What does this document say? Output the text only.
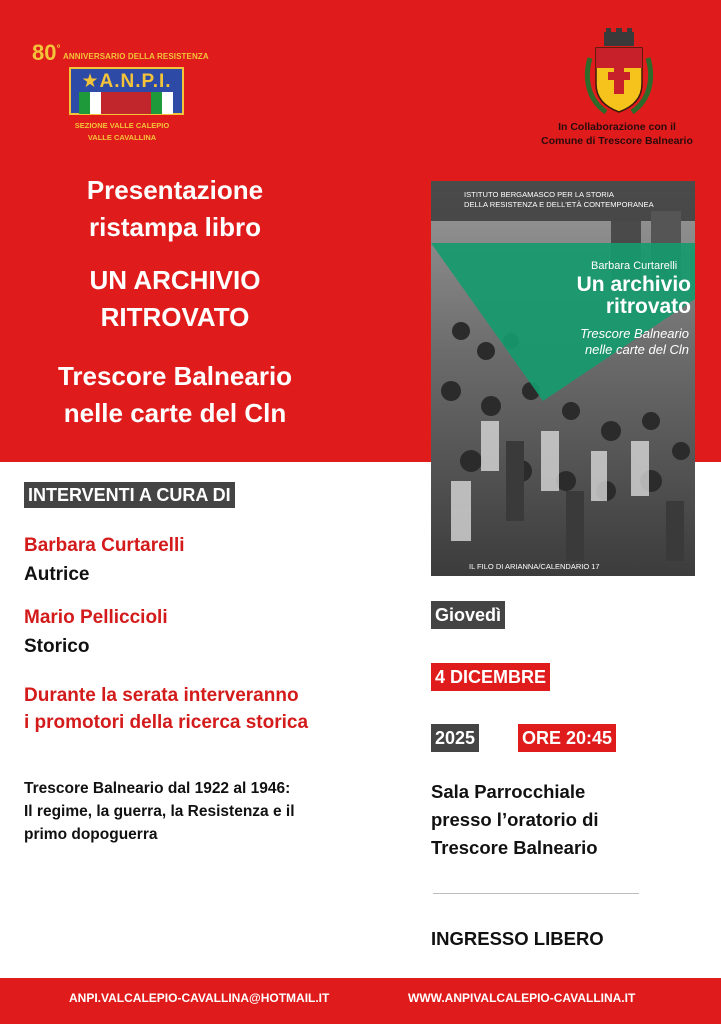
80°
ANNIVERSARIO DELLA RESISTENZA
★A.N.P.I.
SEZIONE VALLE CALEPIO
VALLE CAVALLINA
In Collaborazione con il
Comune di Trescore Balneario
Presentazione
ristampa libro
UN ARCHIVIO
RITROVATO
Trescore Balneario
nelle carte del Cln
ISTITUTO BERGAMASCO PER LA STORIA
DELLA RESISTENZA E DELL'ETÀ CONTEMPORANEA
Barbara Curtarelli
Un archivio
ritrovato
Trescore Balneario
nelle carte del Cln
IL FILO DI ARIANNA/CALENDARIO 17
INTERVENTI A CURA DI
Barbara Curtarelli
Autrice
Mario Pelliccioli
Storico
Durante la serata interveranno
i promotori della ricerca storica
Trescore Balneario dal 1922 al 1946:
Il regime, la guerra, la Resistenza e il
primo dopoguerra
Giovedì
4 DICEMBRE
2025	ORE 20:45
Sala Parrocchiale
presso l’oratorio di
Trescore Balneario
INGRESSO LIBERO
ANPI.VALCALEPIO-CAVALLINA@HOTMAIL.IT	WWW.ANPIVALCALEPIO-CAVALLINA.IT
